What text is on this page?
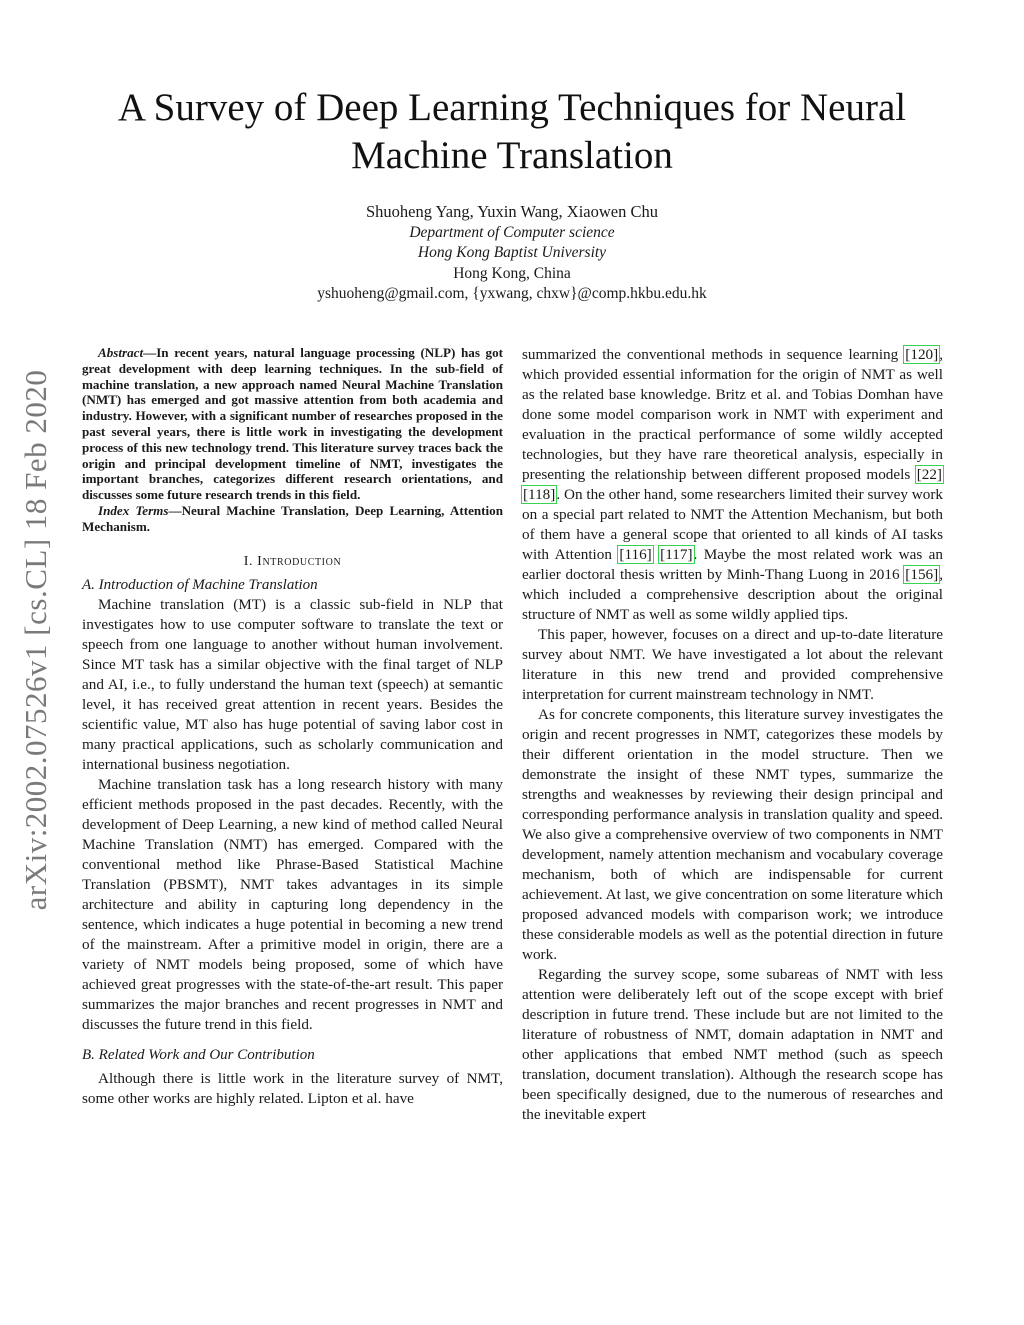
arXiv:2002.07526v1 [cs.CL] 18 Feb 2020
A Survey of Deep Learning Techniques for Neural
Machine Translation
Shuoheng Yang, Yuxin Wang, Xiaowen Chu
Department of Computer science
Hong Kong Baptist University
Hong Kong, China
yshuoheng@gmail.com, {yxwang, chxw}@comp.hkbu.edu.hk

Abstract—In recent years, natural language processing (NLP) has got great development with deep learning techniques. In the sub-field of machine translation, a new approach named Neural Machine Translation (NMT) has emerged and got massive attention from both academia and industry. However, with a significant number of researches proposed in the past several years, there is little work in investigating the development process of this new technology trend. This literature survey traces back the origin and principal development timeline of NMT, investigates the important branches, categorizes different research orientations, and discusses some future research trends in this field.

Index Terms—Neural Machine Translation, Deep Learning, Attention Mechanism.

I. Introduction
A. Introduction of Machine Translation

Machine translation (MT) is a classic sub-field in NLP that investigates how to use computer software to translate the text or speech from one language to another without human involvement. Since MT task has a similar objective with the final target of NLP and AI, i.e., to fully understand the human text (speech) at semantic level, it has received great attention in recent years. Besides the scientific value, MT also has huge potential of saving labor cost in many practical applications, such as scholarly communication and international business negotiation.

Machine translation task has a long research history with many efficient methods proposed in the past decades. Recently, with the development of Deep Learning, a new kind of method called Neural Machine Translation (NMT) has emerged. Compared with the conventional method like Phrase-Based Statistical Machine Translation (PBSMT), NMT takes advantages in its simple architecture and ability in capturing long dependency in the sentence, which indicates a huge potential in becoming a new trend of the mainstream. After a primitive model in origin, there are a variety of NMT models being proposed, some of which have achieved great progresses with the state-of-the-art result. This paper summarizes the major branches and recent progresses in NMT and discusses the future trend in this field.

B. Related Work and Our Contribution

Although there is little work in the literature survey of NMT, some other works are highly related. Lipton et al. have

summarized the conventional methods in sequence learning [120], which provided essential information for the origin of NMT as well as the related base knowledge. Britz et al. and Tobias Domhan have done some model comparison work in NMT with experiment and evaluation in the practical performance of some wildly accepted technologies, but they have rare theoretical analysis, especially in presenting the relationship between different proposed models [22] [118]. On the other hand, some researchers limited their survey work on a special part related to NMT the Attention Mechanism, but both of them have a general scope that oriented to all kinds of AI tasks with Attention [116] [117]. Maybe the most related work was an earlier doctoral thesis written by Minh-Thang Luong in 2016 [156], which included a comprehensive description about the original structure of NMT as well as some wildly applied tips.

This paper, however, focuses on a direct and up-to-date literature survey about NMT. We have investigated a lot about the relevant literature in this new trend and provided comprehensive interpretation for current mainstream technology in NMT.

As for concrete components, this literature survey investigates the origin and recent progresses in NMT, categorizes these models by their different orientation in the model structure. Then we demonstrate the insight of these NMT types, summarize the strengths and weaknesses by reviewing their design principal and corresponding performance analysis in translation quality and speed. We also give a comprehensive overview of two components in NMT development, namely attention mechanism and vocabulary coverage mechanism, both of which are indispensable for current achievement. At last, we give concentration on some literature which proposed advanced models with comparison work; we introduce these considerable models as well as the potential direction in future work.

Regarding the survey scope, some subareas of NMT with less attention were deliberately left out of the scope except with brief description in future trend. These include but are not limited to the literature of robustness of NMT, domain adaptation in NMT and other applications that embed NMT method (such as speech translation, document translation). Although the research scope has been specifically designed, due to the numerous of researches and the inevitable expert
